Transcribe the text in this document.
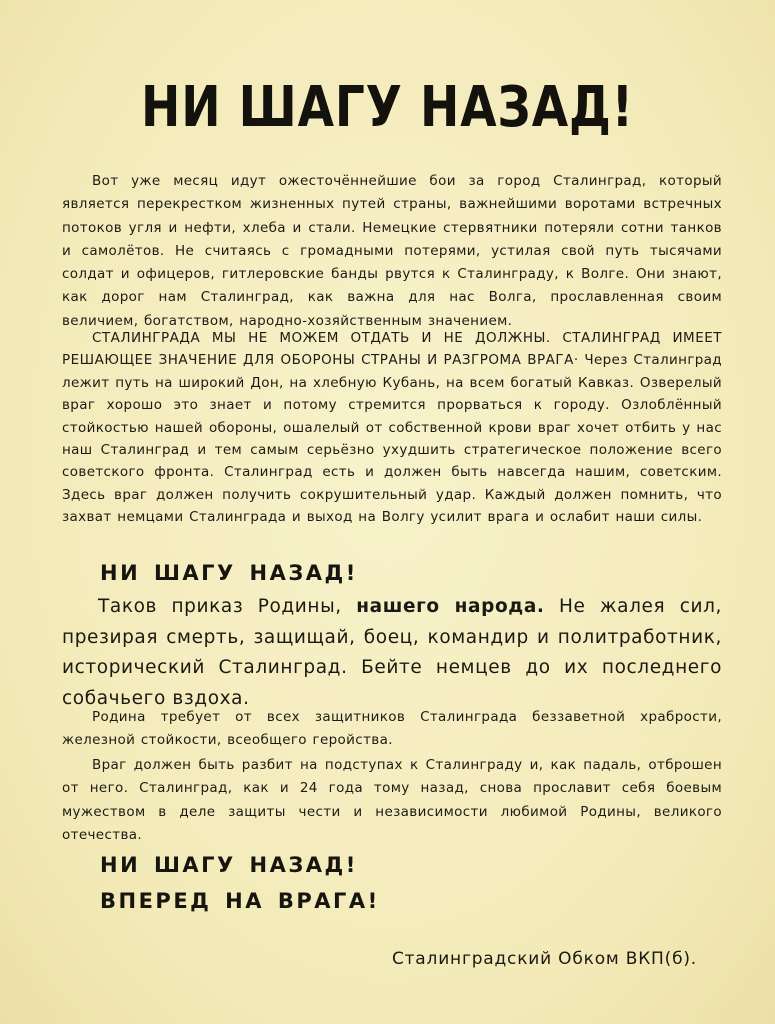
НИ ШАГУ НАЗАД!

Вот уже месяц идут ожесточённейшие бои за город Сталинград, который является перекрестком жизненных путей страны, важнейшими воротами встречных потоков угля и нефти, хлеба и стали. Немецкие стервятники потеряли сотни танков и самолётов. Не считаясь с громадными потерями, устилая свой путь тысячами солдат и офицеров, гитлеровские банды рвутся к Сталинграду, к Волге. Они знают, как дорог нам Сталинград, как важна для нас Волга, прославленная своим величием, богатством, народно-хозяйственным значением.

СТАЛИНГРАДА МЫ НЕ МОЖЕМ ОТДАТЬ И НЕ ДОЛЖНЫ. СТАЛИНГРАД ИМЕЕТ РЕШАЮЩЕЕ ЗНАЧЕНИЕ ДЛЯ ОБОРОНЫ СТРАНЫ И РАЗГРОМА ВРАГА· Через Сталинград лежит путь на широкий Дон, на хлебную Кубань, на всем богатый Кавказ. Озверелый враг хорошо это знает и потому стремится прорваться к городу. Озлоблённый стойкостью нашей обороны, ошалелый от собственной крови враг хочет отбить у нас наш Сталинград и тем самым серьёзно ухудшить стратегическое положение всего советского фронта. Сталинград есть и должен быть навсегда нашим, советским. Здесь враг должен получить сокрушительный удар. Каждый должен помнить, что захват немцами Сталинграда и выход на Волгу усилит врага и ослабит наши силы.

НИ ШАГУ НАЗАД!

Таков приказ Родины, нашего народа. Не жалея сил, презирая смерть, защищай, боец, командир и политработник, исторический Сталинград. Бейте немцев до их последнего собачьего вздоха.

Родина требует от всех защитников Сталинграда беззаветной храбрости, железной стойкости, всеобщего геройства.

Враг должен быть разбит на подступах к Сталинграду и, как падаль, отброшен от него. Сталинград, как и 24 года тому назад, снова прославит себя боевым мужеством в деле защиты чести и независимости любимой Родины, великого отечества.

НИ ШАГУ НАЗАД!

ВПЕРЕД НА ВРАГА!

Сталинградский Обком ВКП(б).
